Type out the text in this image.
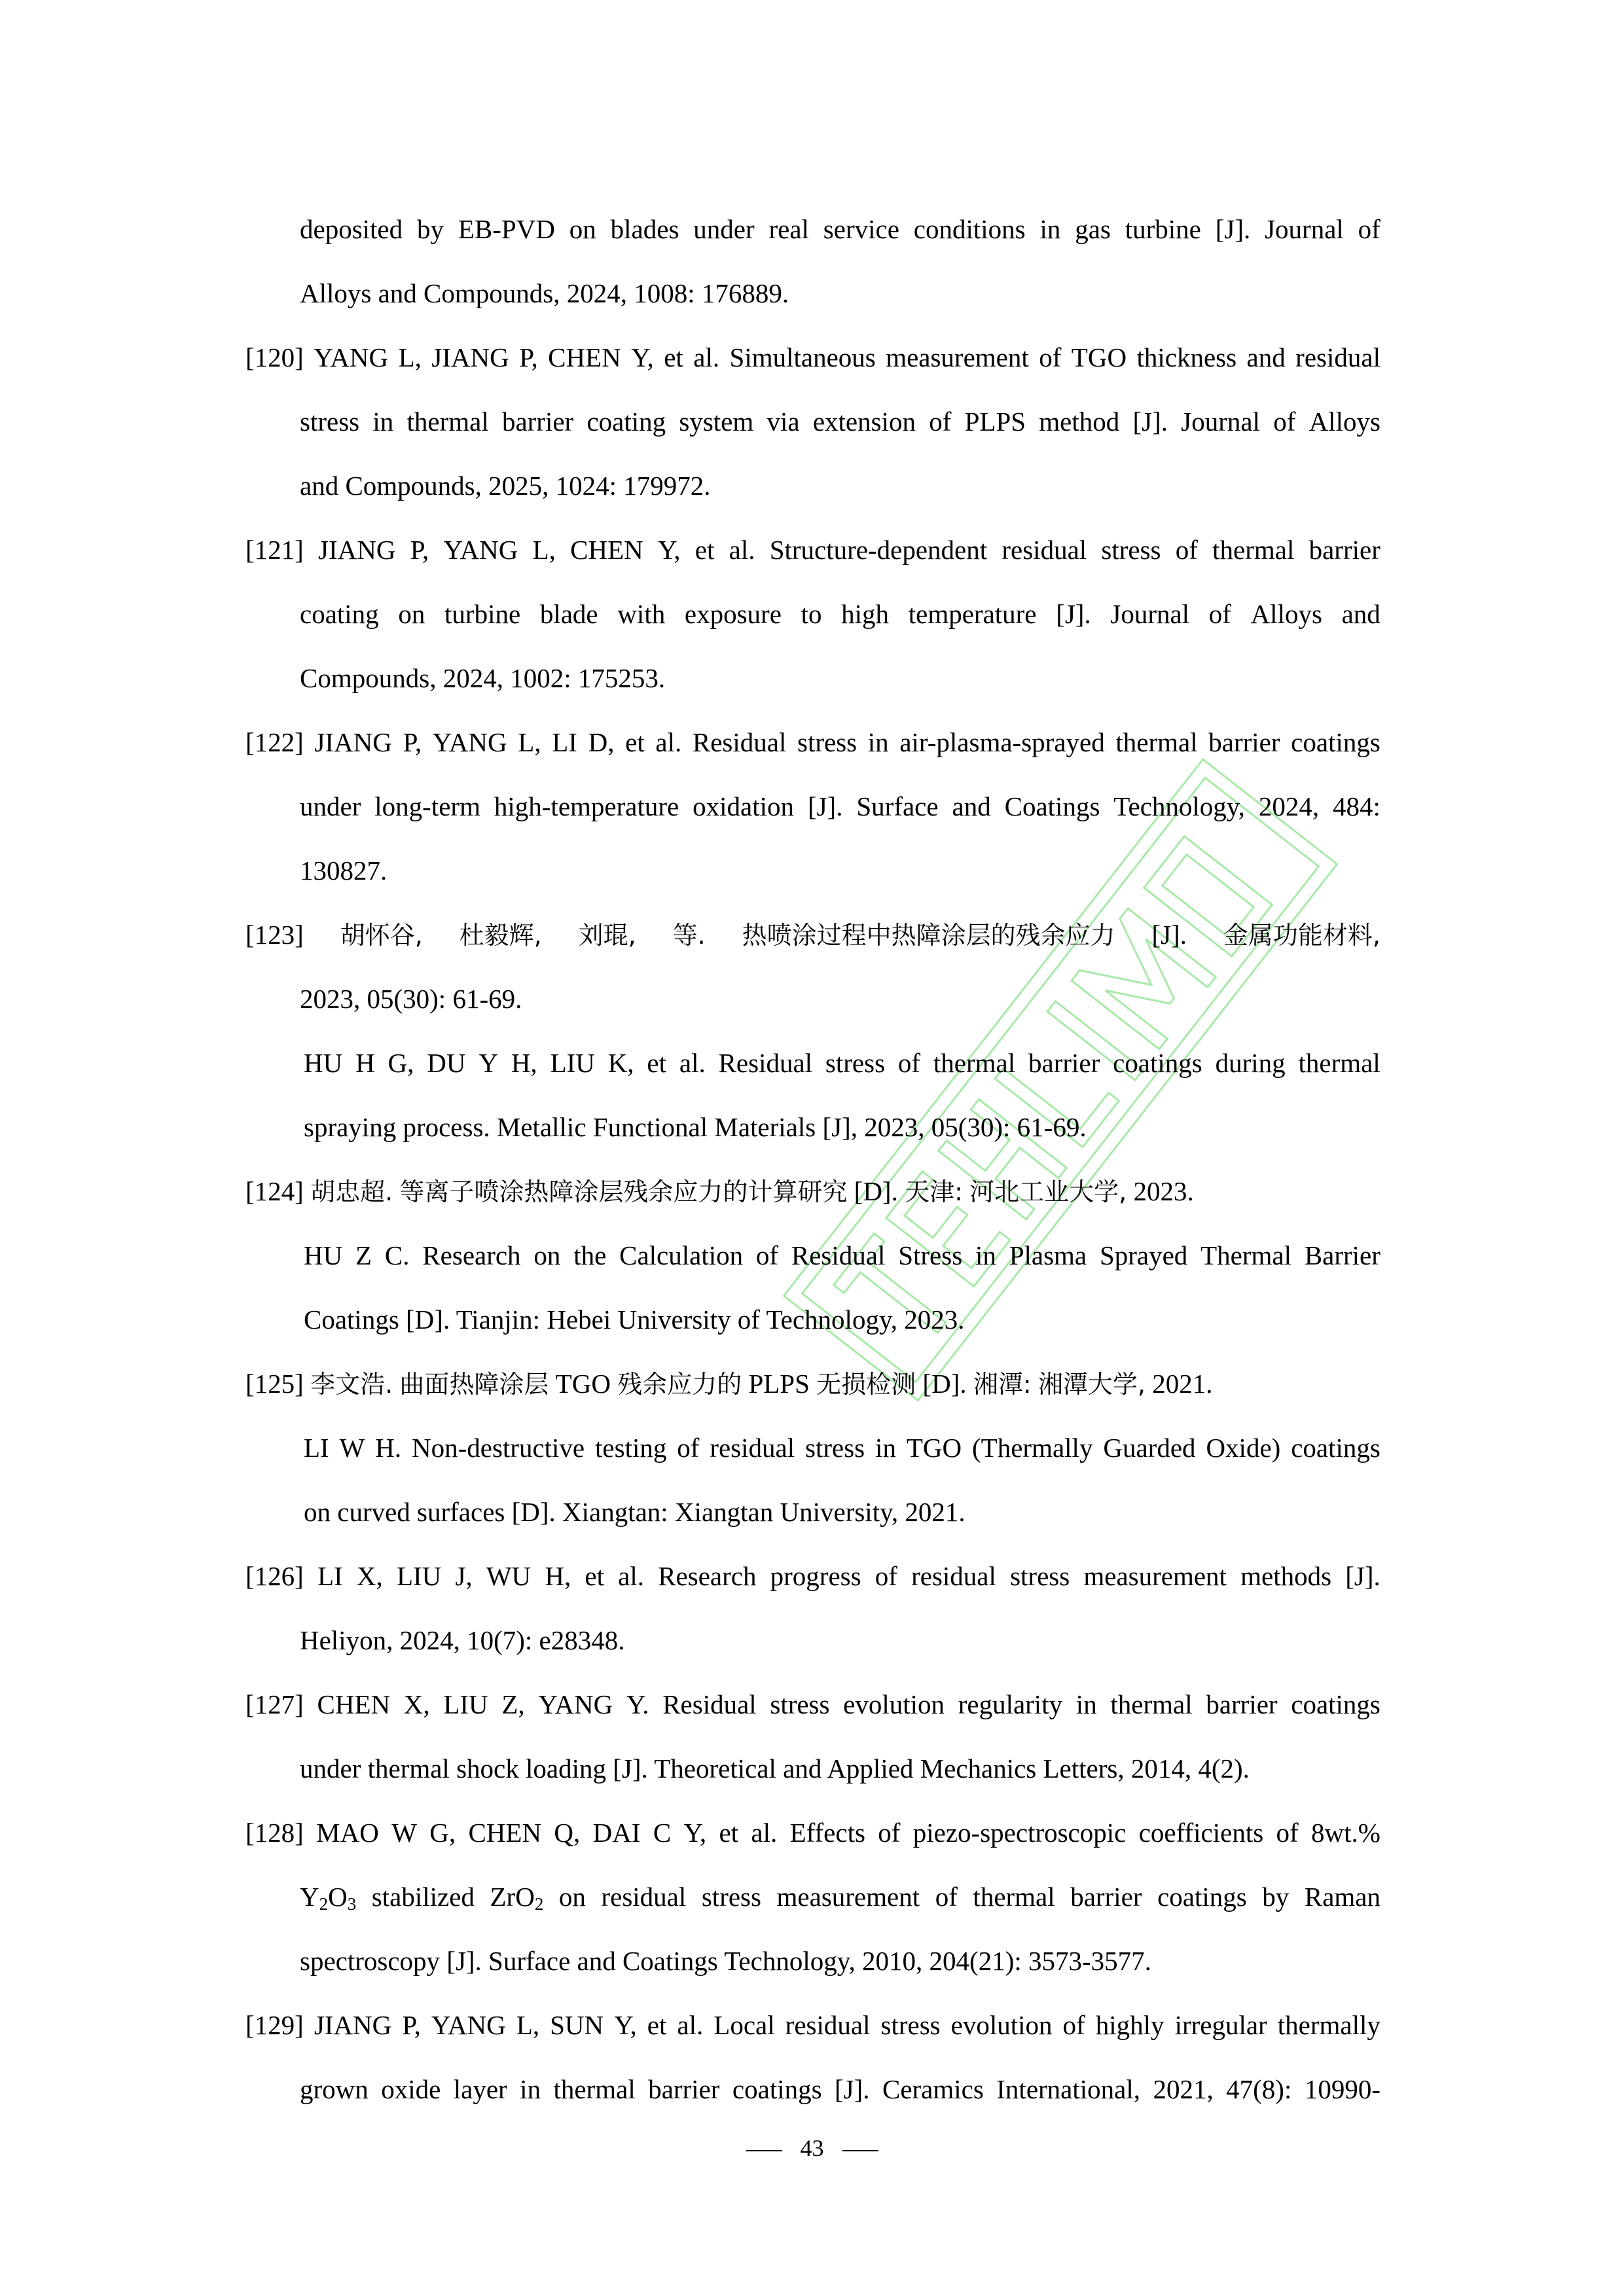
deposited by EB-PVD on blades under real service conditions in gas turbine [J]. Journal of
Alloys and Compounds, 2024, 1008: 176889.
[120] YANG L, JIANG P, CHEN Y, et al. Simultaneous measurement of TGO thickness and residual
stress in thermal barrier coating system via extension of PLPS method [J]. Journal of Alloys
and Compounds, 2025, 1024: 179972.
[121] JIANG P, YANG L, CHEN Y, et al. Structure-dependent residual stress of thermal barrier
coating on turbine blade with exposure to high temperature [J]. Journal of Alloys and
Compounds, 2024, 1002: 175253.
[122] JIANG P, YANG L, LI D, et al. Residual stress in air-plasma-sprayed thermal barrier coatings
under long-term high-temperature oxidation [J]. Surface and Coatings Technology, 2024, 484:
130827.
[123] 胡怀谷, 杜毅辉, 刘琨, 等. 热喷涂过程中热障涂层的残余应力 [J]. 金属功能材料,
2023, 05(30): 61-69.
HU H G, DU Y H, LIU K, et al. Residual stress of thermal barrier coatings during thermal
spraying process. Metallic Functional Materials [J], 2023, 05(30): 61-69.
[124] 胡忠超. 等离子喷涂热障涂层残余应力的计算研究 [D]. 天津: 河北工业大学, 2023.
HU Z C. Research on the Calculation of Residual Stress in Plasma Sprayed Thermal Barrier
Coatings [D]. Tianjin: Hebei University of Technology, 2023.
[125] 李文浩. 曲面热障涂层 TGO 残余应力的 PLPS 无损检测 [D]. 湘潭: 湘潭大学, 2021.
LI W H. Non-destructive testing of residual stress in TGO (Thermally Guarded Oxide) coatings
on curved surfaces [D]. Xiangtan: Xiangtan University, 2021.
[126] LI X, LIU J, WU H, et al. Research progress of residual stress measurement methods [J].
Heliyon, 2024, 10(7): e28348.
[127] CHEN X, LIU Z, YANG Y. Residual stress evolution regularity in thermal barrier coatings
under thermal shock loading [J]. Theoretical and Applied Mechanics Letters, 2014, 4(2).
[128] MAO W G, CHEN Q, DAI C Y, et al. Effects of piezo-spectroscopic coefficients of 8wt.%
$Y_2O_3$ stabilized ZrO$_2$ on residual stress measurement of thermal barrier coatings by Raman
spectroscopy [J]. Surface and Coatings Technology, 2010, 204(21): 3573-3577.
[129] JIANG P, YANG L, SUN Y, et al. Local residual stress evolution of highly irregular thermally
grown oxide layer in thermal barrier coatings [J]. Ceramics International, 2021, 47(8): 10990-
43
